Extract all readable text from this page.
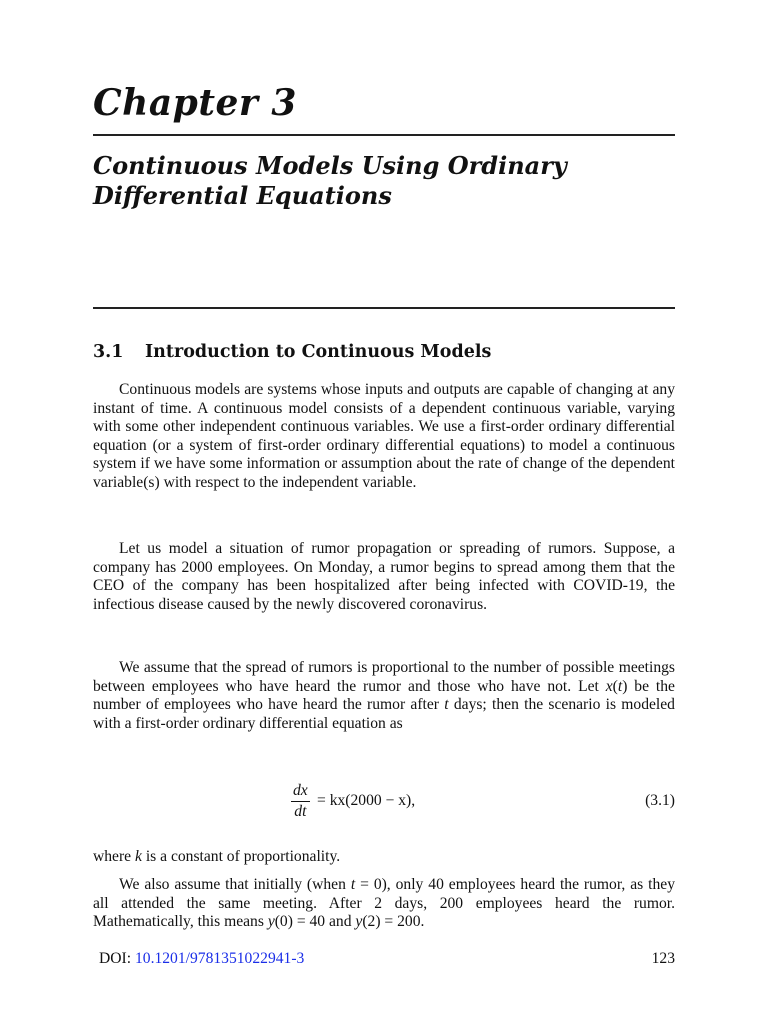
Chapter 3
Continuous Models Using Ordinary
Differential Equations
3.1 Introduction to Continuous Models

Continuous models are systems whose inputs and outputs are capable of changing at any instant of time. A continuous model consists of a dependent continuous variable, varying with some other independent continuous variables. We use a first-order ordinary differential equation (or a system of first-order ordinary differential equations) to model a continuous system if we have some information or assumption about the rate of change of the dependent variable(s) with respect to the independent variable.

Let us model a situation of rumor propagation or spreading of rumors. Suppose, a company has 2000 employees. On Monday, a rumor begins to spread among them that the CEO of the company has been hospitalized after being infected with COVID-19, the infectious disease caused by the newly discovered coronavirus.

We assume that the spread of rumors is proportional to the number of possible meetings between employees who have heard the rumor and those who have not. Let x(t) be the number of employees who have heard the rumor after t days; then the scenario is modeled with a first-order ordinary differential equation as

$\frac{dx}{dt} = kx(2000 - x)$,	(3.1)

where k is a constant of proportionality.

We also assume that initially (when t = 0), only 40 employees heard the rumor, as they all attended the same meeting. After 2 days, 200 employees heard the rumor. Mathematically, this means y(0) = 40 and y(2) = 200.

DOI: 10.1201/9781351022941-3	123
